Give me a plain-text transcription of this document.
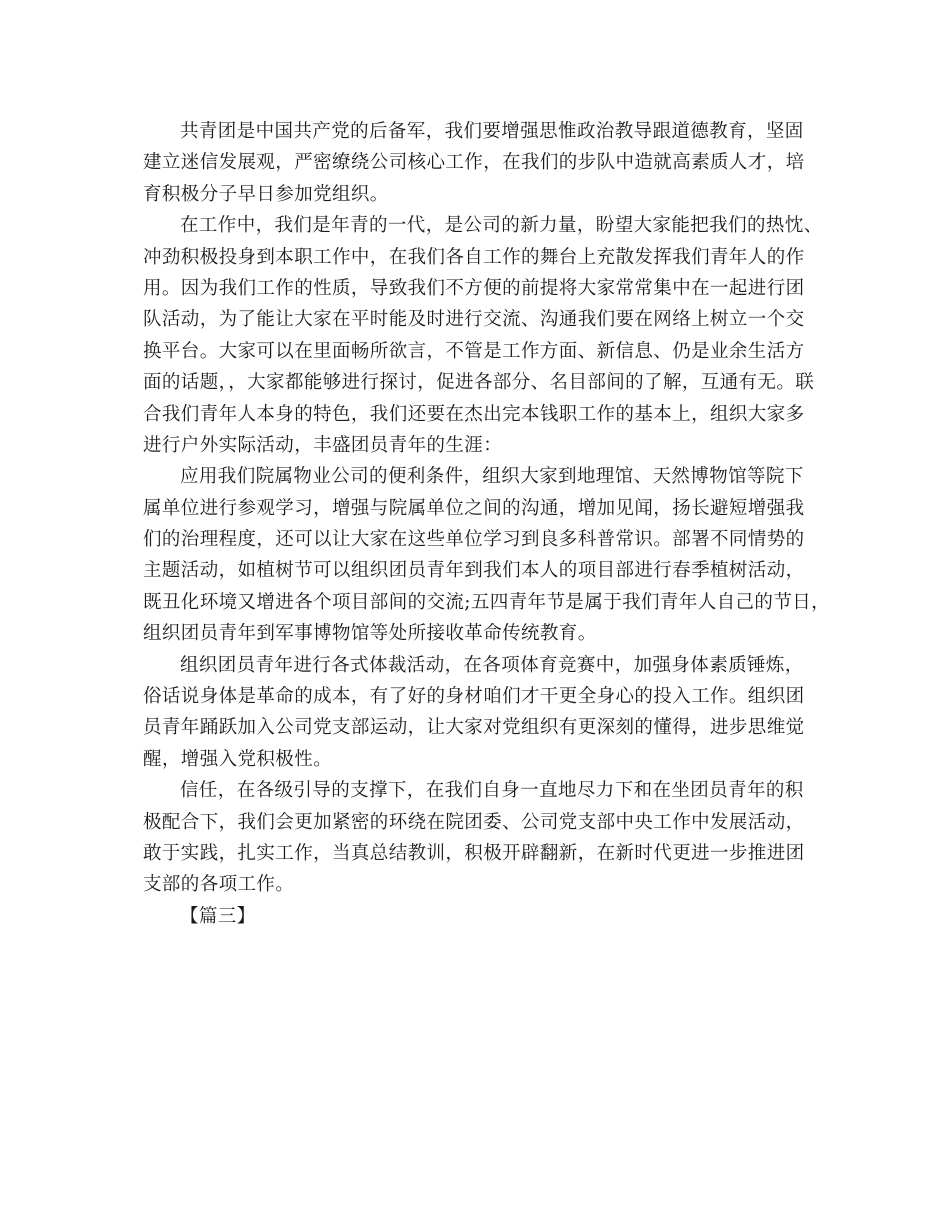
共青团是中国共产党的后备军，我们要增强思惟政治教导跟道德教育，坚固
建立迷信发展观，严密缭绕公司核心工作，在我们的步队中造就高素质人才，培
育积极分子早日参加党组织。
在工作中，我们是年青的一代，是公司的新力量，盼望大家能把我们的热忱、
冲劲积极投身到本职工作中，在我们各自工作的舞台上充散发挥我们青年人的作
用。因为我们工作的性质，导致我们不方便的前提将大家常常集中在一起进行团
队活动，为了能让大家在平时能及时进行交流、沟通我们要在网络上树立一个交
换平台。大家可以在里面畅所欲言，不管是工作方面、新信息、仍是业余生活方
面的话题，，大家都能够进行探讨，促进各部分、名目部间的了解，互通有无。联
合我们青年人本身的特色，我们还要在杰出完本钱职工作的基本上，组织大家多
进行户外实际活动，丰盛团员青年的生涯：
应用我们院属物业公司的便利条件，组织大家到地理馆、天然博物馆等院下
属单位进行参观学习，增强与院属单位之间的沟通，增加见闻，扬长避短增强我
们的治理程度，还可以让大家在这些单位学习到良多科普常识。部署不同情势的
主题活动，如植树节可以组织团员青年到我们本人的项目部进行春季植树活动，
既丑化环境又增进各个项目部间的交流;五四青年节是属于我们青年人自己的节日，
组织团员青年到军事博物馆等处所接收革命传统教育。
组织团员青年进行各式体裁活动，在各项体育竞赛中，加强身体素质锤炼，
俗话说身体是革命的成本，有了好的身材咱们才干更全身心的投入工作。组织团
员青年踊跃加入公司党支部运动，让大家对党组织有更深刻的懂得，进步思维觉
醒，增强入党积极性。
信任，在各级引导的支撑下，在我们自身一直地尽力下和在坐团员青年的积
极配合下，我们会更加紧密的环绕在院团委、公司党支部中央工作中发展活动，
敢于实践，扎实工作，当真总结教训，积极开辟翻新，在新时代更进一步推进团
支部的各项工作。
【篇三】
